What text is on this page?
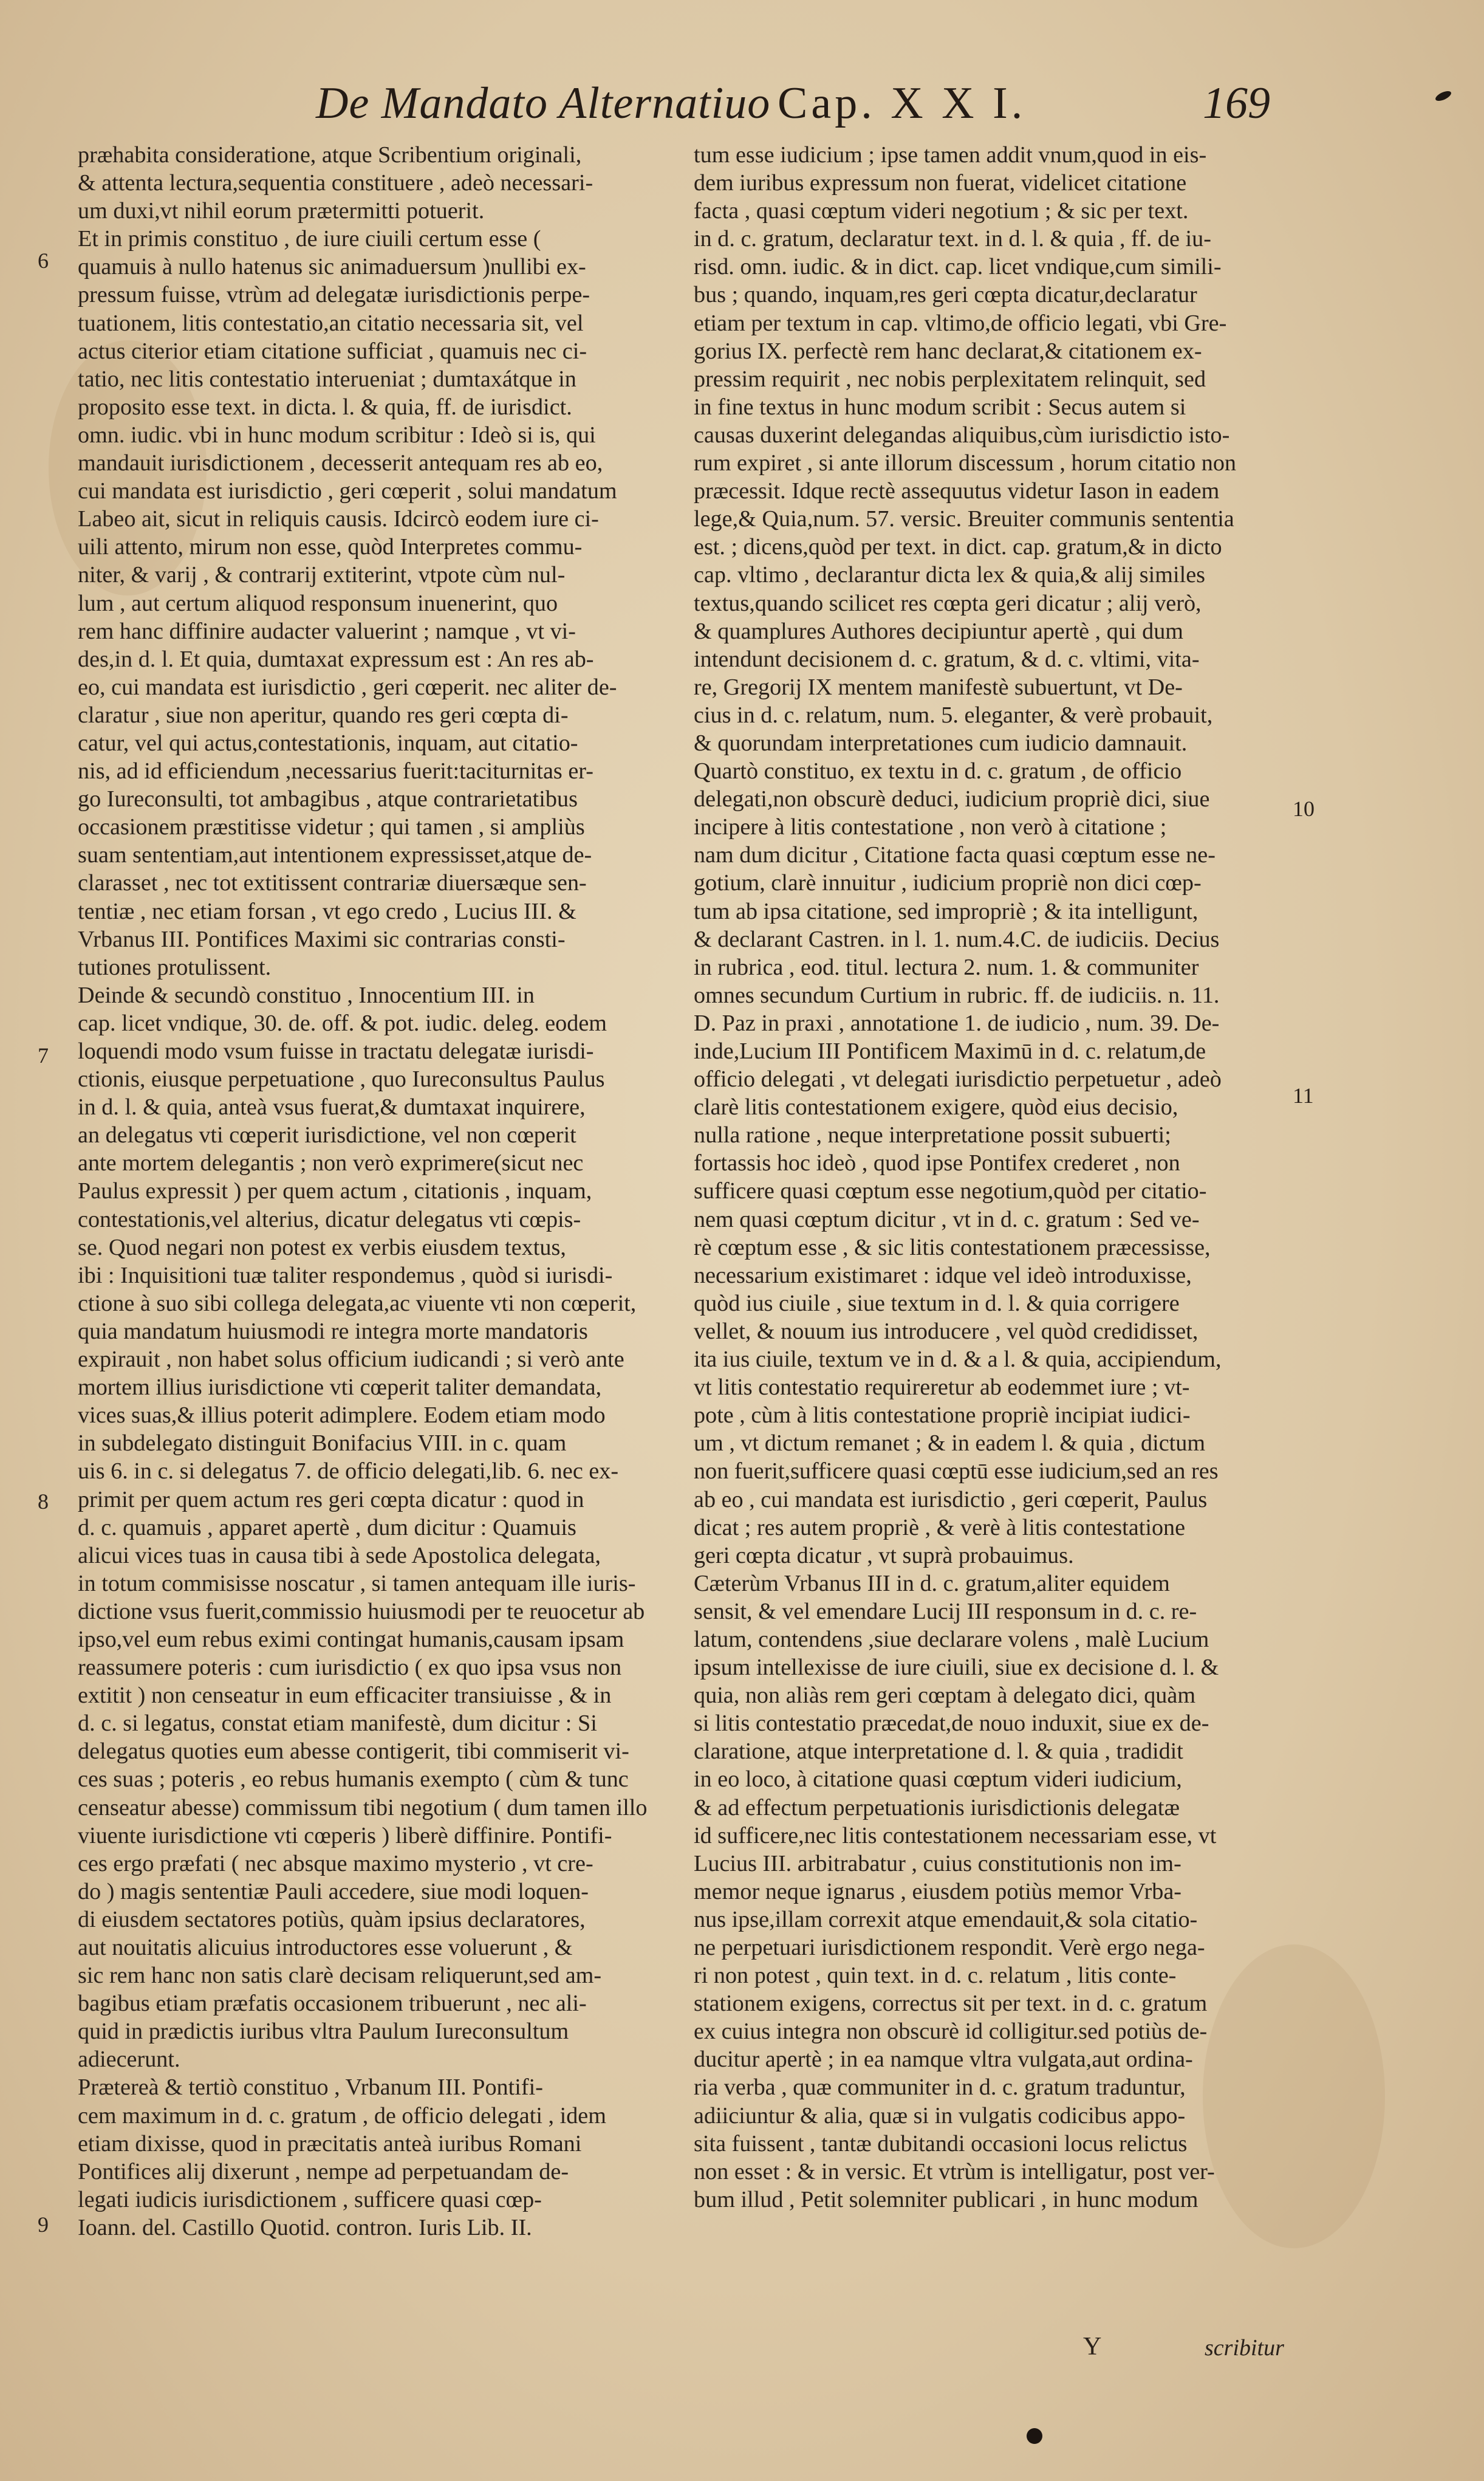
De Mandato Alternatiuo Cap. X X I.	169
præhabita consideratione, atque Scribentium originali,
& attenta lectura,sequentia constituere , adeò necessari-
um duxi,vt nihil eorum prætermitti potuerit.
Et in primis constituo , de iure ciuili certum esse (
quamuis à nullo hatenus sic animaduersum )nullibi ex-
pressum fuisse, vtrùm ad delegatæ iurisdictionis perpe-
tuationem, litis contestatio,an citatio necessaria sit, vel
actus citerior etiam citatione sufficiat , quamuis nec ci-
tatio, nec litis contestatio interueniat ; dumtaxátque in
proposito esse text. in dicta. l. & quia, ff. de iurisdict.
omn. iudic. vbi in hunc modum scribitur : Ideò si is, qui
mandauit iurisdictionem , decesserit antequam res ab eo,
cui mandata est iurisdictio , geri cœperit , solui mandatum
Labeo ait, sicut in reliquis causis. Idcircò eodem iure ci-
uili attento, mirum non esse, quòd Interpretes commu-
niter, & varij , & contrarij extiterint, vtpote cùm nul-
lum , aut certum aliquod responsum inuenerint, quo
rem hanc diffinire audacter valuerint ; namque , vt vi-
des,in d. l. Et quia, dumtaxat expressum est : An res ab-
eo, cui mandata est iurisdictio , geri cœperit. nec aliter de-
claratur , siue non aperitur, quando res geri cœpta di-
catur, vel qui actus,contestationis, inquam, aut citatio-
nis, ad id efficiendum ,necessarius fuerit:taciturnitas er-
go Iureconsulti, tot ambagibus , atque contrarietatibus
occasionem præstitisse videtur ; qui tamen , si ampliùs
suam sententiam,aut intentionem expressisset,atque de-
clarasset , nec tot extitissent contrariæ diuersæque sen-
tentiæ , nec etiam forsan , vt ego credo , Lucius III. &
Vrbanus III. Pontifices Maximi sic contrarias consti-
tutiones protulissent.
Deinde & secundò constituo , Innocentium III. in
cap. licet vndique, 30. de. off. & pot. iudic. deleg. eodem
loquendi modo vsum fuisse in tractatu delegatæ iurisdi-
ctionis, eiusque perpetuatione , quo Iureconsultus Paulus
in d. l. & quia, anteà vsus fuerat,& dumtaxat inquirere,
an delegatus vti cœperit iurisdictione, vel non cœperit
ante mortem delegantis ; non verò exprimere(sicut nec
Paulus expressit ) per quem actum , citationis , inquam,
contestationis,vel alterius, dicatur delegatus vti cœpis-
se. Quod negari non potest ex verbis eiusdem textus,
ibi : Inquisitioni tuæ taliter respondemus , quòd si iurisdi-
ctione à suo sibi collega delegata,ac viuente vti non cœperit,
quia mandatum huiusmodi re integra morte mandatoris
expirauit , non habet solus officium iudicandi ; si verò ante
mortem illius iurisdictione vti cœperit taliter demandata,
vices suas,& illius poterit adimplere. Eodem etiam modo
in subdelegato distinguit Bonifacius VIII. in c. quam
uis 6. in c. si delegatus 7. de officio delegati,lib. 6. nec ex-
primit per quem actum res geri cœpta dicatur : quod in
d. c. quamuis , apparet apertè , dum dicitur : Quamuis
alicui vices tuas in causa tibi à sede Apostolica delegata,
in totum commisisse noscatur , si tamen antequam ille iuris-
dictione vsus fuerit,commissio huiusmodi per te reuocetur ab
ipso,vel eum rebus eximi contingat humanis,causam ipsam
reassumere poteris : cum iurisdictio ( ex quo ipsa vsus non
extitit ) non censeatur in eum efficaciter transiuisse , & in
d. c. si legatus, constat etiam manifestè, dum dicitur : Si
delegatus quoties eum abesse contigerit, tibi commiserit vi-
ces suas ; poteris , eo rebus humanis exempto ( cùm & tunc
censeatur abesse) commissum tibi negotium ( dum tamen illo
viuente iurisdictione vti cœperis ) liberè diffinire. Pontifi-
ces ergo præfati ( nec absque maximo mysterio , vt cre-
do ) magis sententiæ Pauli accedere, siue modi loquen-
di eiusdem sectatores potiùs, quàm ipsius declaratores,
aut nouitatis alicuius introductores esse voluerunt , &
sic rem hanc non satis clarè decisam reliquerunt,sed am-
bagibus etiam præfatis occasionem tribuerunt , nec ali-
quid in prædictis iuribus vltra Paulum Iureconsultum
adiecerunt.
Prætereà & tertiò constituo , Vrbanum III. Pontifi-
cem maximum in d. c. gratum , de officio delegati , idem
etiam dixisse, quod in præcitatis anteà iuribus Romani
Pontifices alij dixerunt , nempe ad perpetuandam de-
legati iudicis iurisdictionem , sufficere quasi cœp-
Ioann. del. Castillo Quotid. contron. Iuris Lib. II.
tum esse iudicium ; ipse tamen addit vnum,quod in eis-
dem iuribus expressum non fuerat, videlicet citatione
facta , quasi cœptum videri negotium ; & sic per text.
in d. c. gratum, declaratur text. in d. l. & quia , ff. de iu-
risd. omn. iudic. & in dict. cap. licet vndique,cum simili-
bus ; quando, inquam,res geri cœpta dicatur,declaratur
etiam per textum in cap. vltimo,de officio legati, vbi Gre-
gorius IX. perfectè rem hanc declarat,& citationem ex-
pressim requirit , nec nobis perplexitatem relinquit, sed
in fine textus in hunc modum scribit : Secus autem si
causas duxerint delegandas aliquibus,cùm iurisdictio isto-
rum expiret , si ante illorum discessum , horum citatio non
præcessit. Idque rectè assequutus videtur Iason in eadem
lege,& Quia,num. 57. versic. Breuiter communis sententia
est. ; dicens,quòd per text. in dict. cap. gratum,& in dicto
cap. vltimo , declarantur dicta lex & quia,& alij similes
textus,quando scilicet res cœpta geri dicatur ; alij verò,
& quamplures Authores decipiuntur apertè , qui dum
intendunt decisionem d. c. gratum, & d. c. vltimi, vita-
re, Gregorij IX mentem manifestè subuertunt, vt De-
cius in d. c. relatum, num. 5. eleganter, & verè probauit,
& quorundam interpretationes cum iudicio damnauit.
Quartò constituo, ex textu in d. c. gratum , de officio
delegati,non obscurè deduci, iudicium propriè dici, siue
incipere à litis contestatione , non verò à citatione ;
nam dum dicitur , Citatione facta quasi cœptum esse ne-
gotium, clarè innuitur , iudicium propriè non dici cœp-
tum ab ipsa citatione, sed impropriè ; & ita intelligunt,
& declarant Castren. in l. 1. num.4.C. de iudiciis. Decius
in rubrica , eod. titul. lectura 2. num. 1. & communiter
omnes secundum Curtium in rubric. ff. de iudiciis. n. 11.
D. Paz in praxi , annotatione 1. de iudicio , num. 39. De-
inde,Lucium III Pontificem Maximū in d. c. relatum,de
officio delegati , vt delegati iurisdictio perpetuetur , adeò
clarè litis contestationem exigere, quòd eius decisio,
nulla ratione , neque interpretatione possit subuerti;
fortassis hoc ideò , quod ipse Pontifex crederet , non
sufficere quasi cœptum esse negotium,quòd per citatio-
nem quasi cœptum dicitur , vt in d. c. gratum : Sed ve-
rè cœptum esse , & sic litis contestationem præcessisse,
necessarium existimaret : idque vel ideò introduxisse,
quòd ius ciuile , siue textum in d. l. & quia corrigere
vellet, & nouum ius introducere , vel quòd credidisset,
ita ius ciuile, textum ve in d. & a l. & quia, accipiendum,
vt litis contestatio requireretur ab eodemmet iure ; vt-
pote , cùm à litis contestatione propriè incipiat iudici-
um , vt dictum remanet ; & in eadem l. & quia , dictum
non fuerit,sufficere quasi cœptū esse iudicium,sed an res
ab eo , cui mandata est iurisdictio , geri cœperit, Paulus
dicat ; res autem propriè , & verè à litis contestatione
geri cœpta dicatur , vt suprà probauimus.
Cæterùm Vrbanus III in d. c. gratum,aliter equidem
sensit, & vel emendare Lucij III responsum in d. c. re-
latum, contendens ,siue declarare volens , malè Lucium
ipsum intellexisse de iure ciuili, siue ex decisione d. l. &
quia, non aliàs rem geri cœptam à delegato dici, quàm
si litis contestatio præcedat,de nouo induxit, siue ex de-
claratione, atque interpretatione d. l. & quia , tradidit
in eo loco, à citatione quasi cœptum videri iudicium,
& ad effectum perpetuationis iurisdictionis delegatæ
id sufficere,nec litis contestationem necessariam esse, vt
Lucius III. arbitrabatur , cuius constitutionis non im-
memor neque ignarus , eiusdem potiùs memor Vrba-
nus ipse,illam correxit atque emendauit,& sola citatio-
ne perpetuari iurisdictionem respondit. Verè ergo nega-
ri non potest , quin text. in d. c. relatum , litis conte-
stationem exigens, correctus sit per text. in d. c. gratum
ex cuius integra non obscurè id colligitur.sed potiùs de-
ducitur apertè ; in ea namque vltra vulgata,aut ordina-
ria verba , quæ communiter in d. c. gratum traduntur,
adiiciuntur & alia, quæ si in vulgatis codicibus appo-
sita fuissent , tantæ dubitandi occasioni locus relictus
non esset : & in versic. Et vtrùm is intelligatur, post ver-
bum illud , Petit solemniter publicari , in hunc modum
6
7
8
9
10
11
Y	scribitur
